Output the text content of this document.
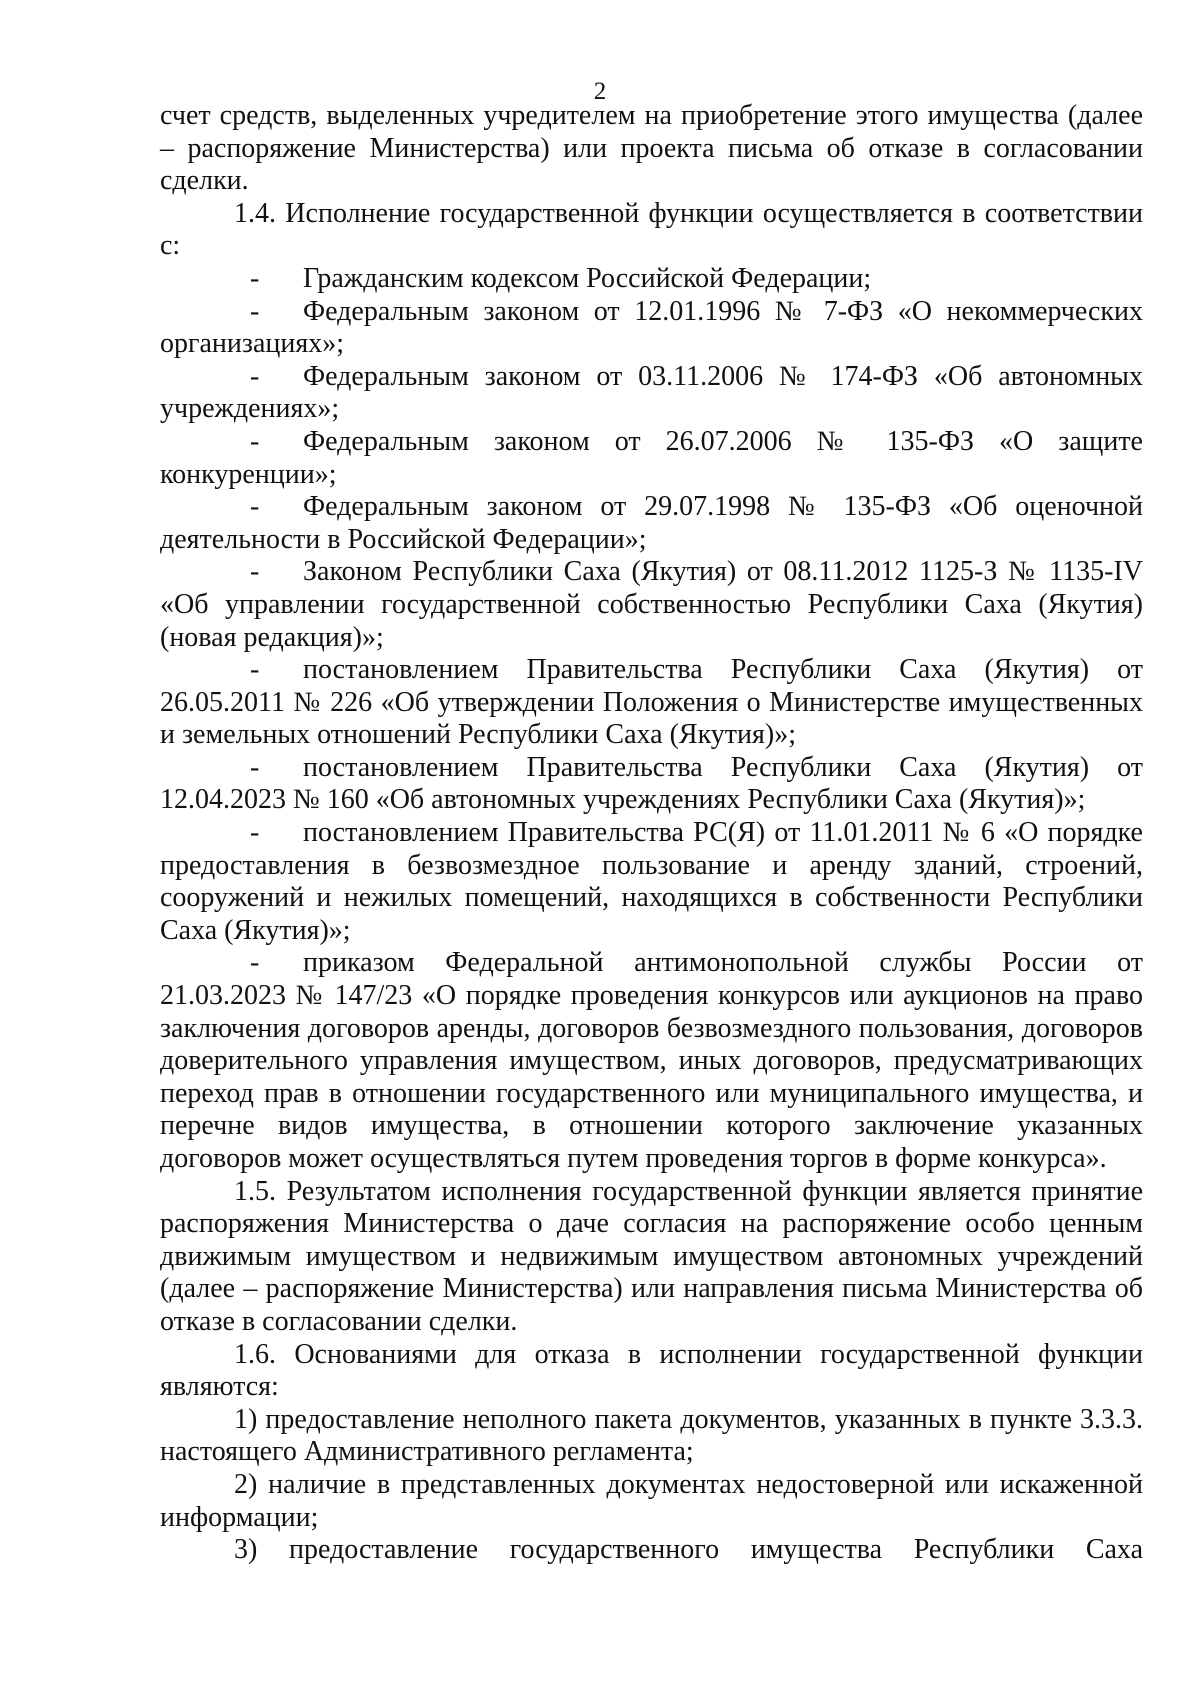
2

счет средств, выделенных учредителем на приобретение этого имущества (далее – распоряжение Министерства) или проекта письма об отказе в согласовании сделки.

1.4. Исполнение государственной функции осуществляется в соответствии с:

- Гражданским кодексом Российской Федерации;

- Федеральным законом от 12.01.1996 № 7-ФЗ «О некоммерческих организациях»;

- Федеральным законом от 03.11.2006 № 174-ФЗ «Об автономных учреждениях»;

- Федеральным законом от 26.07.2006 № 135-ФЗ «О защите конкуренции»;

- Федеральным законом от 29.07.1998 № 135-ФЗ «Об оценочной деятельности в Российской Федерации»;

- Законом Республики Саха (Якутия) от 08.11.2012 1125-З № 1135-IV «Об управлении государственной собственностью Республики Саха (Якутия) (новая редакция)»;

- постановлением Правительства Республики Саха (Якутия) от 26.05.2011 № 226 «Об утверждении Положения о Министерстве имущественных и земельных отношений Республики Саха (Якутия)»;

- постановлением Правительства Республики Саха (Якутия) от 12.04.2023 № 160 «Об автономных учреждениях Республики Саха (Якутия)»;

- постановлением Правительства РС(Я) от 11.01.2011 № 6 «О порядке предоставления в безвозмездное пользование и аренду зданий, строений, сооружений и нежилых помещений, находящихся в собственности Республики Саха (Якутия)»;

- приказом Федеральной антимонопольной службы России от 21.03.2023 № 147/23 «О порядке проведения конкурсов или аукционов на право заключения договоров аренды, договоров безвозмездного пользования, договоров доверительного управления имуществом, иных договоров, предусматривающих переход прав в отношении государственного или муниципального имущества, и перечне видов имущества, в отношении которого заключение указанных договоров может осуществляться путем проведения торгов в форме конкурса».

1.5. Результатом исполнения государственной функции является принятие распоряжения Министерства о даче согласия на распоряжение особо ценным движимым имуществом и недвижимым имуществом автономных учреждений (далее – распоряжение Министерства) или направления письма Министерства об отказе в согласовании сделки.

1.6. Основаниями для отказа в исполнении государственной функции являются:

1) предоставление неполного пакета документов, указанных в пункте 3.3.3. настоящего Административного регламента;

2) наличие в представленных документах недостоверной или искаженной информации;

3) предоставление государственного имущества Республики Саха
